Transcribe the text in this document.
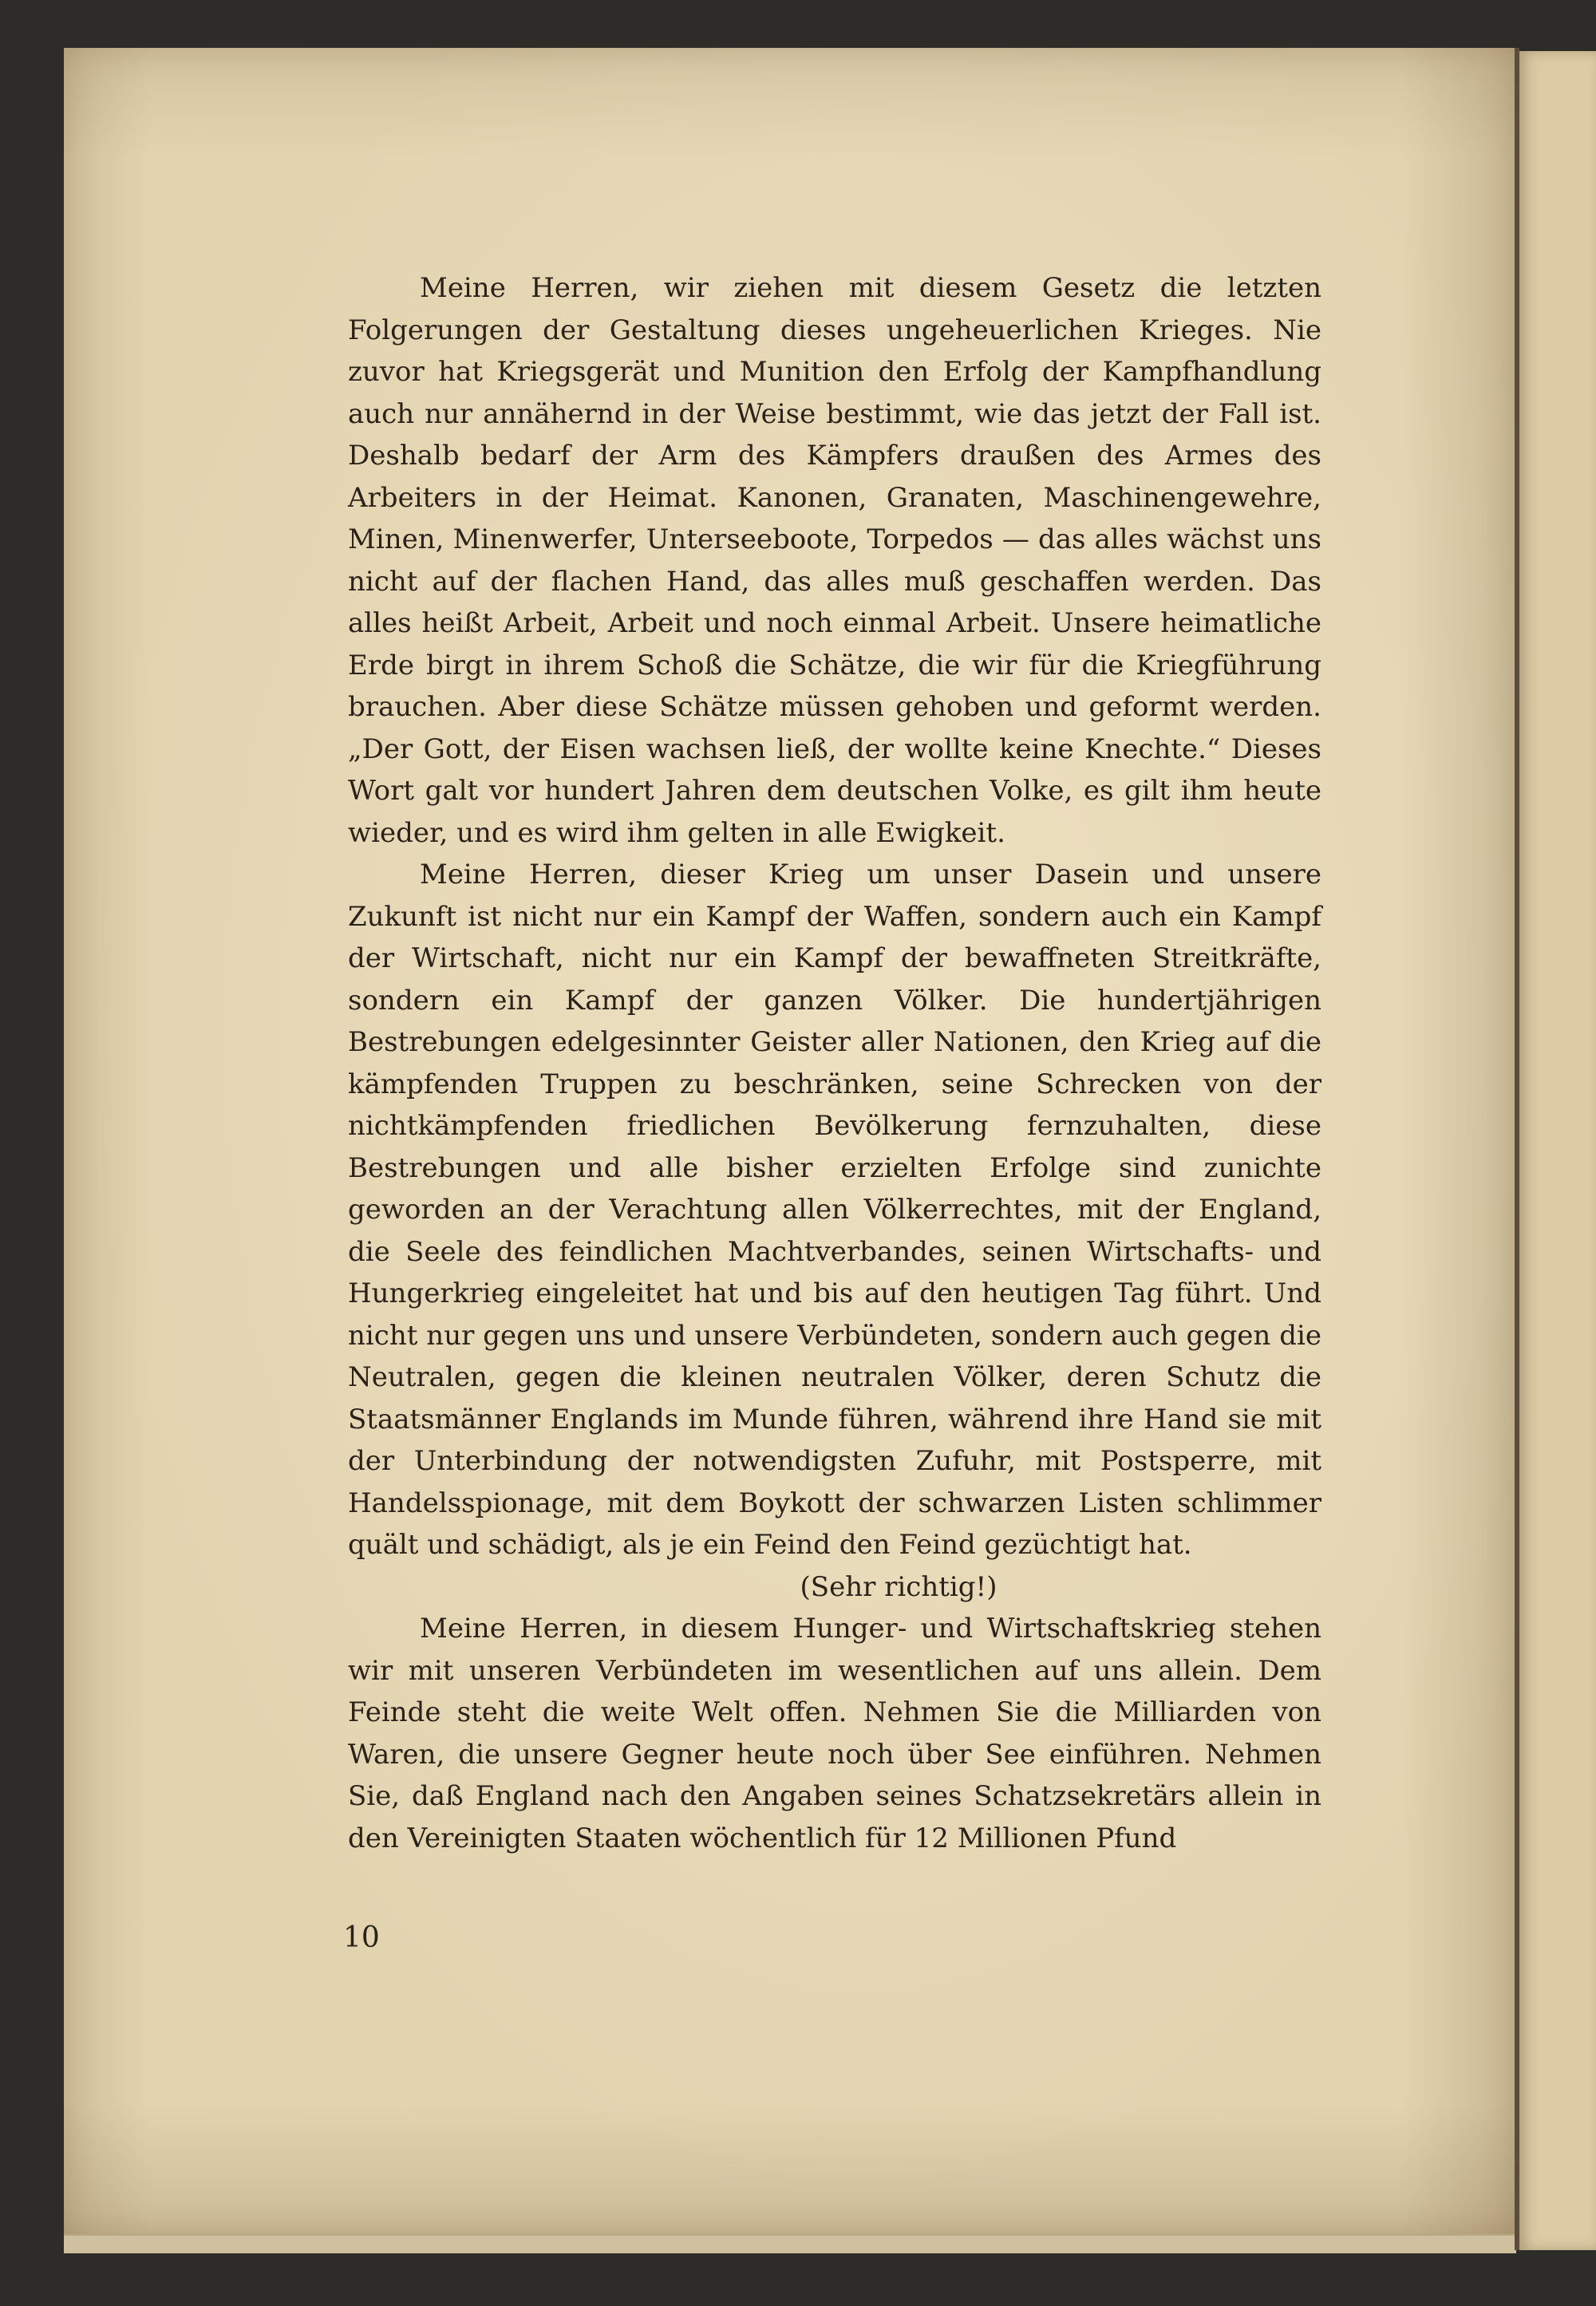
Meine Herren, wir ziehen mit diesem Gesetz die letzten Folgerungen der Gestaltung dieses ungeheuerlichen Krieges. Nie zuvor hat Kriegsgerät und Munition den Erfolg der Kampfhandlung auch nur annähernd in der Weise bestimmt, wie das jetzt der Fall ist. Deshalb bedarf der Arm des Kämpfers draußen des Armes des Arbeiters in der Heimat. Kanonen, Granaten, Maschinengewehre, Minen, Minenwerfer, Unterseeboote, Torpedos — das alles wächst uns nicht auf der flachen Hand, das alles muß geschaffen werden. Das alles heißt Arbeit, Arbeit und noch einmal Arbeit. Unsere heimatliche Erde birgt in ihrem Schoß die Schätze, die wir für die Kriegführung brauchen. Aber diese Schätze müssen gehoben und geformt werden. „Der Gott, der Eisen wachsen ließ, der wollte keine Knechte.“ Dieses Wort galt vor hundert Jahren dem deutschen Volke, es gilt ihm heute wieder, und es wird ihm gelten in alle Ewigkeit.

Meine Herren, dieser Krieg um unser Dasein und unsere Zukunft ist nicht nur ein Kampf der Waffen, sondern auch ein Kampf der Wirtschaft, nicht nur ein Kampf der bewaffneten Streitkräfte, sondern ein Kampf der ganzen Völker. Die hundertjährigen Bestrebungen edelgesinnter Geister aller Nationen, den Krieg auf die kämpfenden Truppen zu beschränken, seine Schrecken von der nichtkämpfenden friedlichen Bevölkerung fernzuhalten, diese Bestrebungen und alle bisher erzielten Erfolge sind zunichte geworden an der Verachtung allen Völkerrechtes, mit der England, die Seele des feindlichen Machtverbandes, seinen Wirtschafts- und Hungerkrieg eingeleitet hat und bis auf den heutigen Tag führt. Und nicht nur gegen uns und unsere Verbündeten, sondern auch gegen die Neutralen, gegen die kleinen neutralen Völker, deren Schutz die Staatsmänner Englands im Munde führen, während ihre Hand sie mit der Unterbindung der notwendigsten Zufuhr, mit Postsperre, mit Handelsspionage, mit dem Boykott der schwarzen Listen schlimmer quält und schädigt, als je ein Feind den Feind gezüchtigt hat.

(Sehr richtig!)

Meine Herren, in diesem Hunger- und Wirtschaftskrieg stehen wir mit unseren Verbündeten im wesentlichen auf uns allein. Dem Feinde steht die weite Welt offen. Nehmen Sie die Milliarden von Waren, die unsere Gegner heute noch über See einführen. Nehmen Sie, daß England nach den Angaben seines Schatzsekretärs allein in den Vereinigten Staaten wöchentlich für 12 Millionen Pfund

10
